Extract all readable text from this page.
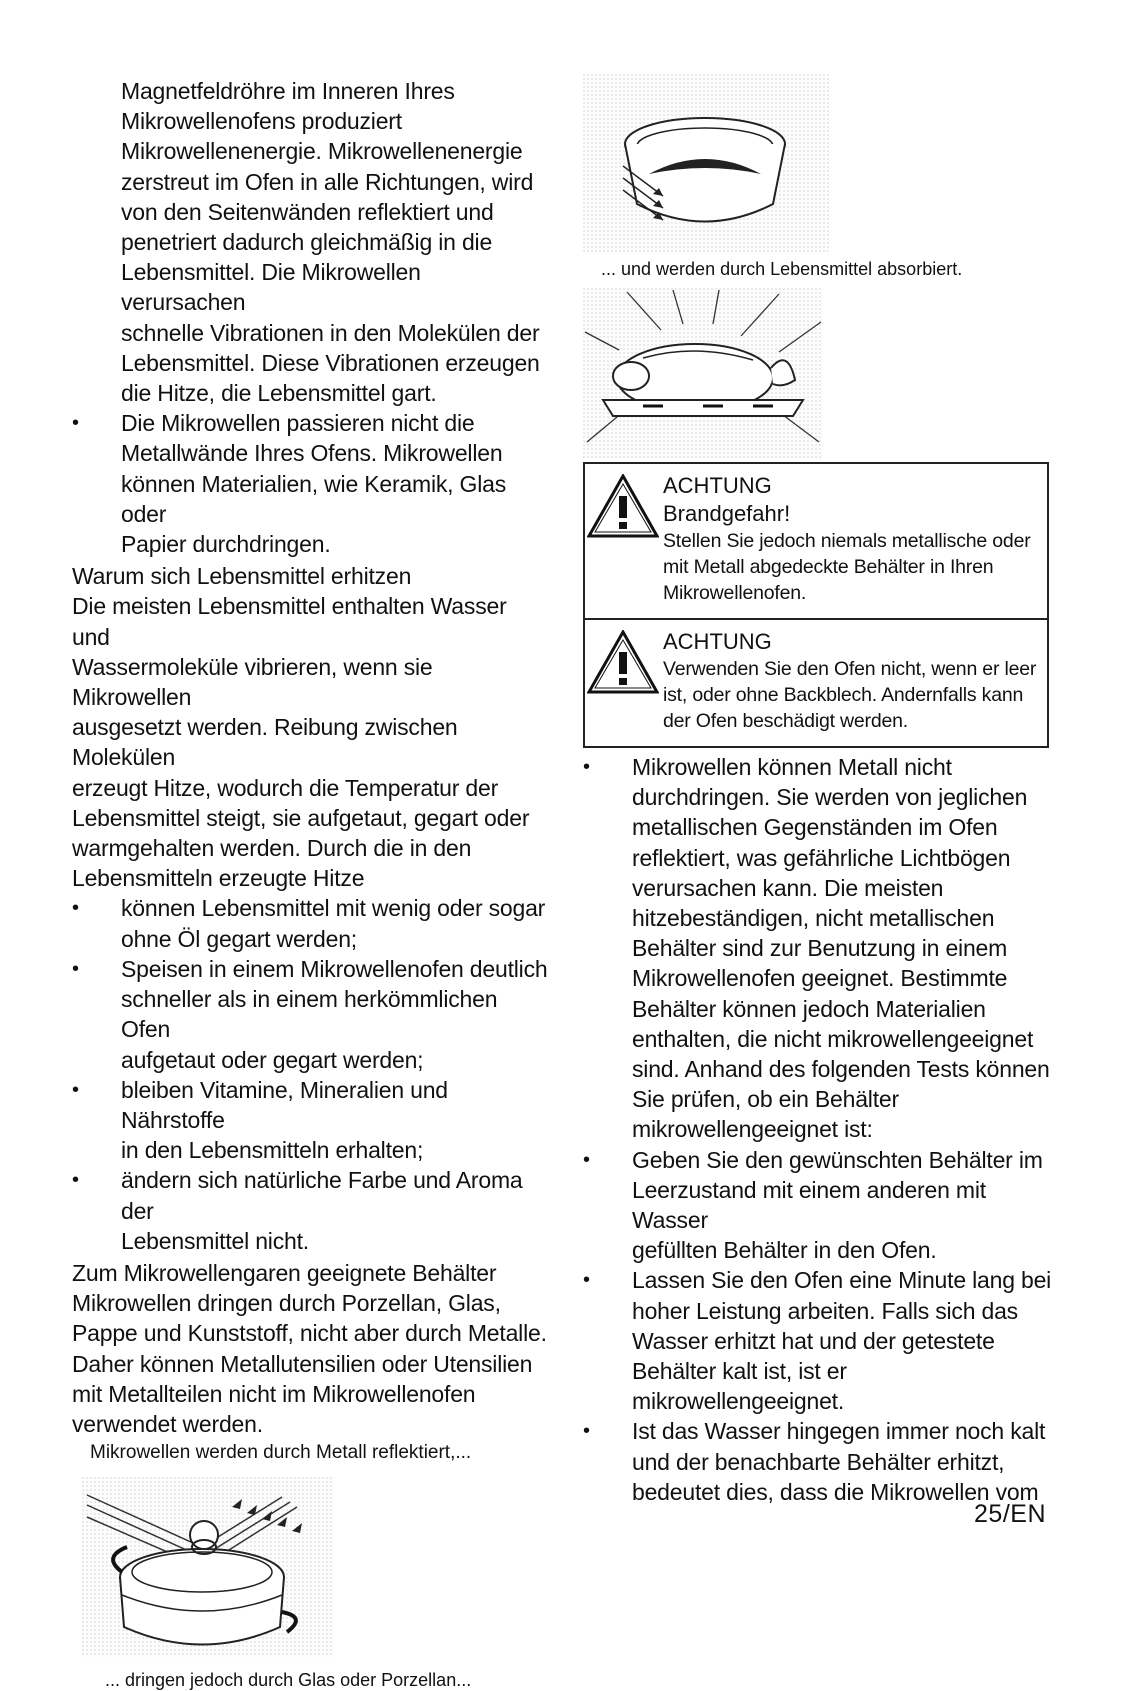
Magnetfeldröhre im Inneren Ihres
Mikrowellenofens produziert
Mikrowellenenergie. Mikrowellenenergie
zerstreut im Ofen in alle Richtungen, wird
von den Seitenwänden reflektiert und
penetriert dadurch gleichmäßig in die
Lebensmittel. Die Mikrowellen verursachen
schnelle Vibrationen in den Molekülen der
Lebensmittel. Diese Vibrationen erzeugen
die Hitze, die Lebensmittel gart.
• Die Mikrowellen passieren nicht die
Metallwände Ihres Ofens. Mikrowellen
können Materialien, wie Keramik, Glas oder
Papier durchdringen.
Warum sich Lebensmittel erhitzen
Die meisten Lebensmittel enthalten Wasser und
Wassermoleküle vibrieren, wenn sie Mikrowellen
ausgesetzt werden. Reibung zwischen Molekülen
erzeugt Hitze, wodurch die Temperatur der
Lebensmittel steigt, sie aufgetaut, gegart oder
warmgehalten werden. Durch die in den
Lebensmitteln erzeugte Hitze
• können Lebensmittel mit wenig oder sogar
ohne Öl gegart werden;
• Speisen in einem Mikrowellenofen deutlich
schneller als in einem herkömmlichen Ofen
aufgetaut oder gegart werden;
• bleiben Vitamine, Mineralien und Nährstoffe
in den Lebensmitteln erhalten;
• ändern sich natürliche Farbe und Aroma der
Lebensmittel nicht.
Zum Mikrowellengaren geeignete Behälter
Mikrowellen dringen durch Porzellan, Glas,
Pappe und Kunststoff, nicht aber durch Metalle.
Daher können Metallutensilien oder Utensilien
mit Metallteilen nicht im Mikrowellenofen
verwendet werden.
Mikrowellen werden durch Metall reflektiert,...
... dringen jedoch durch Glas oder Porzellan...
... und werden durch Lebensmittel absorbiert.
ACHTUNG
Brandgefahr!
Stellen Sie jedoch niemals metallische oder
mit Metall abgedeckte Behälter in Ihren
Mikrowellenofen.
ACHTUNG
Verwenden Sie den Ofen nicht, wenn er leer
ist, oder ohne Backblech. Andernfalls kann
der Ofen beschädigt werden.
• Mikrowellen können Metall nicht
durchdringen. Sie werden von jeglichen
metallischen Gegenständen im Ofen
reflektiert, was gefährliche Lichtbögen
verursachen kann. Die meisten
hitzebeständigen, nicht metallischen
Behälter sind zur Benutzung in einem
Mikrowellenofen geeignet. Bestimmte
Behälter können jedoch Materialien
enthalten, die nicht mikrowellengeeignet
sind. Anhand des folgenden Tests können
Sie prüfen, ob ein Behälter
mikrowellengeeignet ist:
• Geben Sie den gewünschten Behälter im
Leerzustand mit einem anderen mit Wasser
gefüllten Behälter in den Ofen.
• Lassen Sie den Ofen eine Minute lang bei
hoher Leistung arbeiten. Falls sich das
Wasser erhitzt hat und der getestete
Behälter kalt ist, ist er mikrowellengeeignet.
• Ist das Wasser hingegen immer noch kalt
und der benachbarte Behälter erhitzt,
bedeutet dies, dass die Mikrowellen vom
25/EN
